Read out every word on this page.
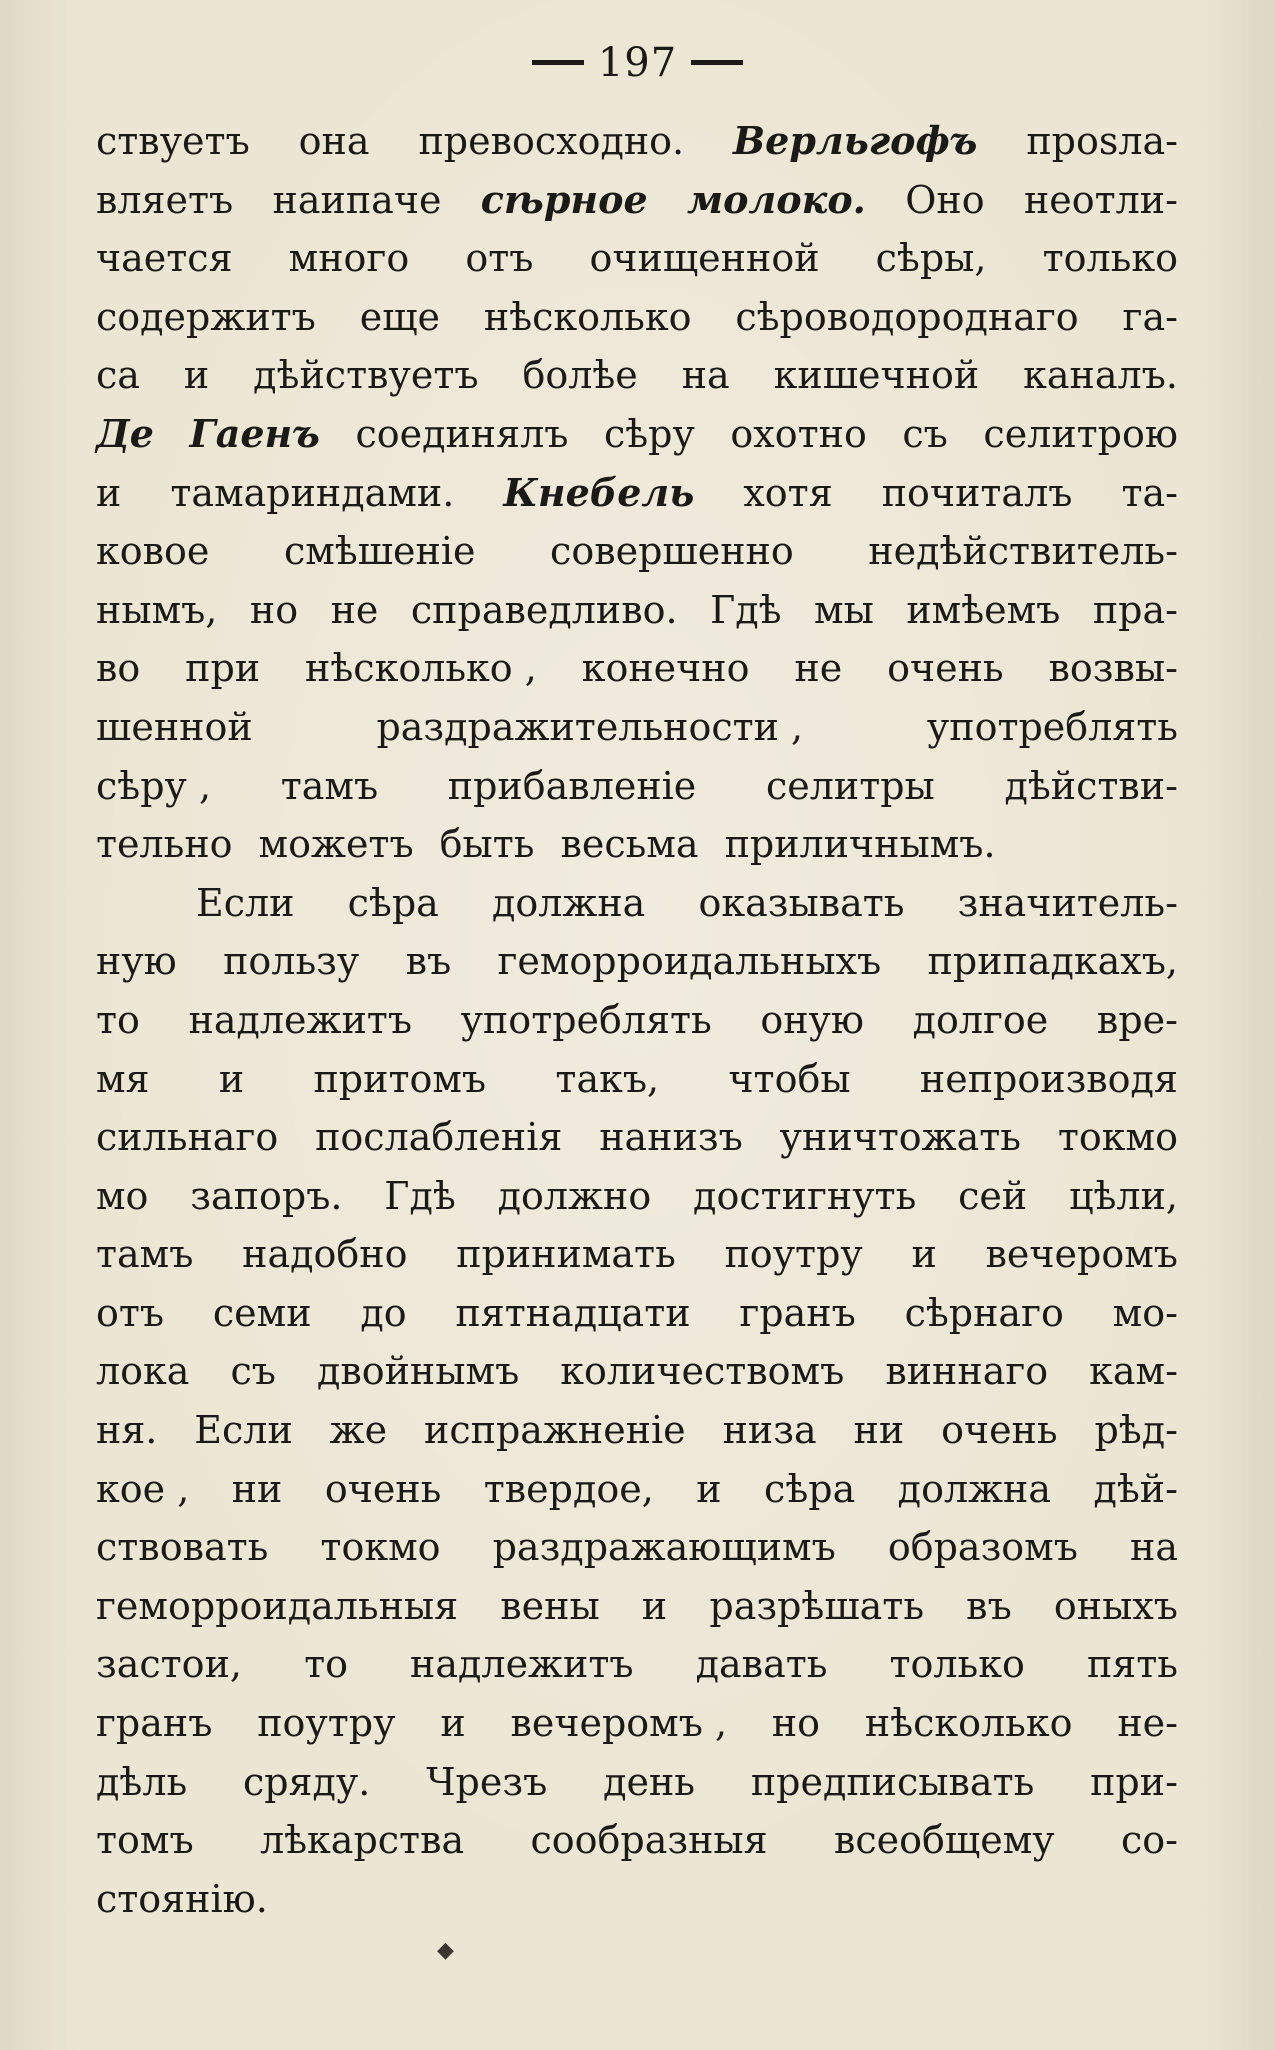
197
ствуетъ она превосходно. Верльгофъ прosла-
вляетъ наипаче сѣрное молоко. Оно неотли-
чается много отъ очищенной сѣры, только
содержитъ еще нѣсколько сѣроводороднаго га-
са и дѣйствуетъ болѣе на кишечной каналъ.
Де Гаенъ соединялъ сѣру охотно съ селитрою
и тамариндами. Кнебель хотя почиталъ та-
ковое смѣшенiе совершенно недѣйствитель-
нымъ, но не справедливо. Гдѣ мы имѣемъ пра-
во при нѣсколько , конечно не очень возвы-
шенной	раздражительности ,	употреблять
сѣру , тамъ прибавленiе селитры дѣйстви-
тельно можетъ быть весьма приличнымъ.
Если сѣра должна оказывать значитель-
ную пользу въ геморроидальныхъ припадкахъ,
то надлежитъ употреблять оную долгое вре-
мя и притомъ такъ, чтобы непроизводя
сильнаго послабленiя нанизъ уничтожать токмо
мо запоръ. Гдѣ должно достигнуть сей цѣли,
тамъ надобно принимать поутру и вечеромъ
отъ семи до пятнадцати гранъ сѣрнаго мо-
лока съ двойнымъ количествомъ виннаго кам-
ня. Если же испражненiе низа ни очень рѣд-
кое , ни очень твердое, и сѣра должна дѣй-
ствовать токмо раздражающимъ образомъ на
геморроидальныя вены и разрѣшать въ оныхъ
застои, то надлежитъ давать только пять
гранъ поутру и вечеромъ , но нѣсколько не-
дѣль сряду. Чрезъ день предписывать при-
томъ лѣкарства сообразныя всеобщему со-
стоянiю.
◆
